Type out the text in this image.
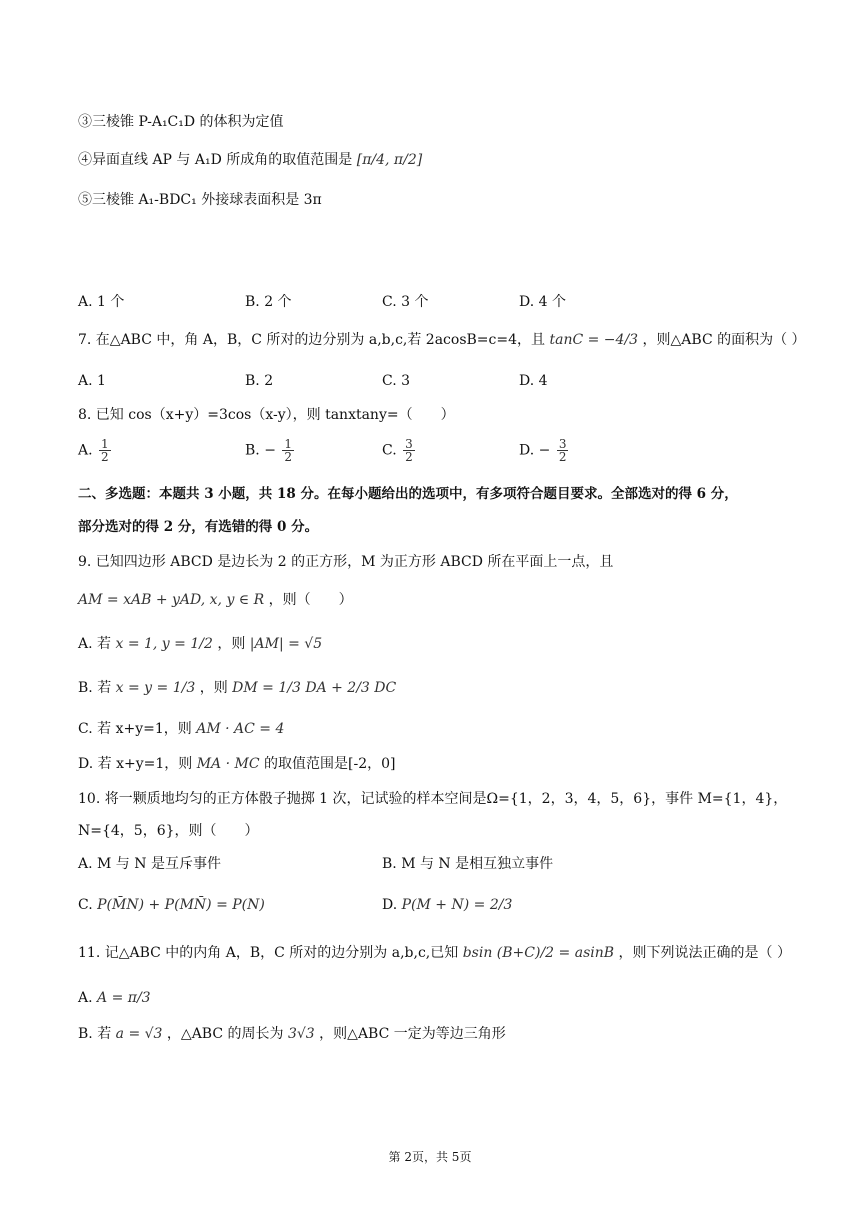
③三棱锥 P-A₁C₁D 的体积为定值
④异面直线 AP 与 A₁D 所成角的取值范围是 [π/4, π/2]
⑤三棱锥 A₁-BDC₁ 外接球表面积是 3π
A. 1 个	B. 2 个	C. 3 个	D. 4 个
7. 在△ABC 中，角 A，B，C 所对的边分别为 a,b,c,若 2acosB=c=4，且 tanC = −4/3 ，则△ABC 的面积为（ ）
A. 1	B. 2	C. 3	D. 4
8. 已知 cos（x+y）=3cos（x-y），则 tanxtany=（　　）
A. $\frac{1}{2}$	B. − $\frac{1}{2}$	C. $\frac{3}{2}$	D. − $\frac{3}{2}$
二、多选题：本题共 3 小题，共 18 分。在每小题给出的选项中，有多项符合题目要求。全部选对的得 6 分，
部分选对的得 2 分，有选错的得 0 分。
9. 已知四边形 ABCD 是边长为 2 的正方形，M 为正方形 ABCD 所在平面上一点，且
AM = xAB + yAD, x, y ∈ R ，则（　　）
A. 若 x = 1, y = 1/2 ，则 |AM| = √5
B. 若 x = y = 1/3 ，则 DM = 1/3 DA + 2/3 DC
C. 若 x+y=1，则 AM · AC = 4
D. 若 x+y=1，则 MA · MC 的取值范围是[-2，0]
10. 将一颗质地均匀的正方体骰子抛掷 1 次，记试验的样本空间是Ω={1，2，3，4，5，6}，事件 M={1，4}，
N={4，5，6}，则（　　）
A. M 与 N 是互斥事件	B. M 与 N 是相互独立事件
C. P(M̄N) + P(MN̄) = P(N)	D. P(M + N) = 2/3
11. 记△ABC 中的内角 A，B，C 所对的边分别为 a,b,c,已知 bsin (B+C)/2 = asinB ，则下列说法正确的是（ ）
A. A = π/3
B. 若 a = √3 ，△ABC 的周长为 3√3 ，则△ABC 一定为等边三角形
第 2页，共 5页
